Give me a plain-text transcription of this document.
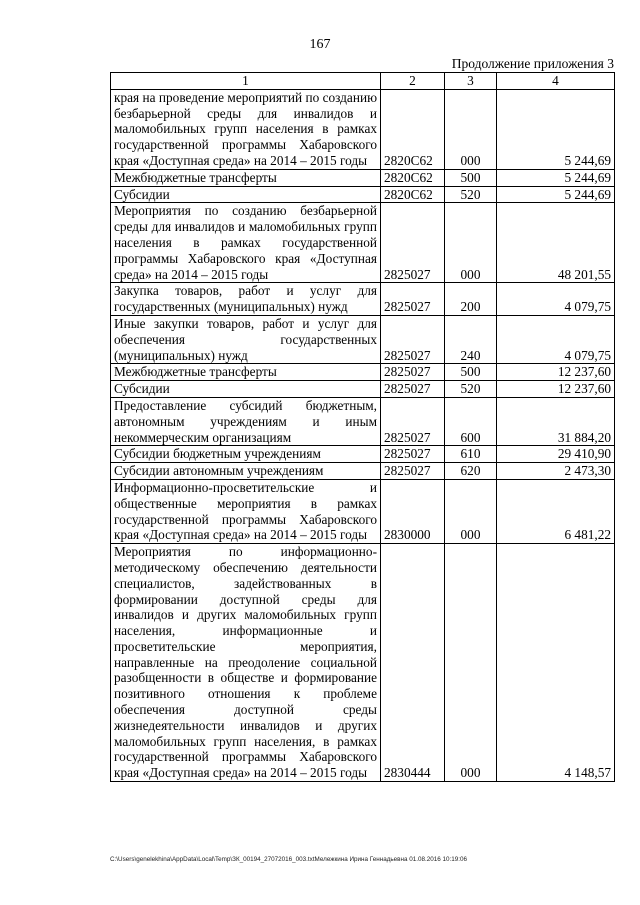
167
Продолжение приложения 3
1	2	3	4
края на проведение мероприятий по созданию безбарьерной среды для инвалидов и маломобильных групп населения в рамках государственной программы Хабаровского края «Доступная среда» на 2014 – 2015 годы	2820С62	000	5 244,69
Межбюджетные трансферты	2820С62	500	5 244,69
Субсидии	2820С62	520	5 244,69
Мероприятия по созданию безбарьерной среды для инвалидов и маломобильных групп населения в рамках государственной программы Хабаровского края «Доступная среда» на 2014 – 2015 годы	2825027	000	48 201,55
Закупка товаров, работ и услуг для государственных (муниципальных) нужд	2825027	200	4 079,75
Иные закупки товаров, работ и услуг для обеспечения государственных (муниципальных) нужд	2825027	240	4 079,75
Межбюджетные трансферты	2825027	500	12 237,60
Субсидии	2825027	520	12 237,60
Предоставление субсидий бюджетным, автономным учреждениям и иным некоммерческим организациям	2825027	600	31 884,20
Субсидии бюджетным учреждениям	2825027	610	29 410,90
Субсидии автономным учреждениям	2825027	620	2 473,30
Информационно-просветительские и общественные мероприятия в рамках государственной программы Хабаровского края «Доступная среда» на 2014 – 2015 годы	2830000	000	6 481,22
Мероприятия по информационно-методическому обеспечению деятельности специалистов, задействованных в формировании доступной среды для инвалидов и других маломобильных групп населения, информационные и просветительские мероприятия, направленные на преодоление социальной разобщенности в обществе и формирование позитивного отношения к проблеме обеспечения доступной среды жизнедеятельности инвалидов и других маломобильных групп населения, в рамках государственной программы Хабаровского края «Доступная среда» на 2014 – 2015 годы	2830444	000	4 148,57
C:\Users\genelekhina\AppData\Local\Temp\ЗК_00194_27072016_003.txtМележкина Ирина Геннадьевна 01.08.2016 10:19:06
